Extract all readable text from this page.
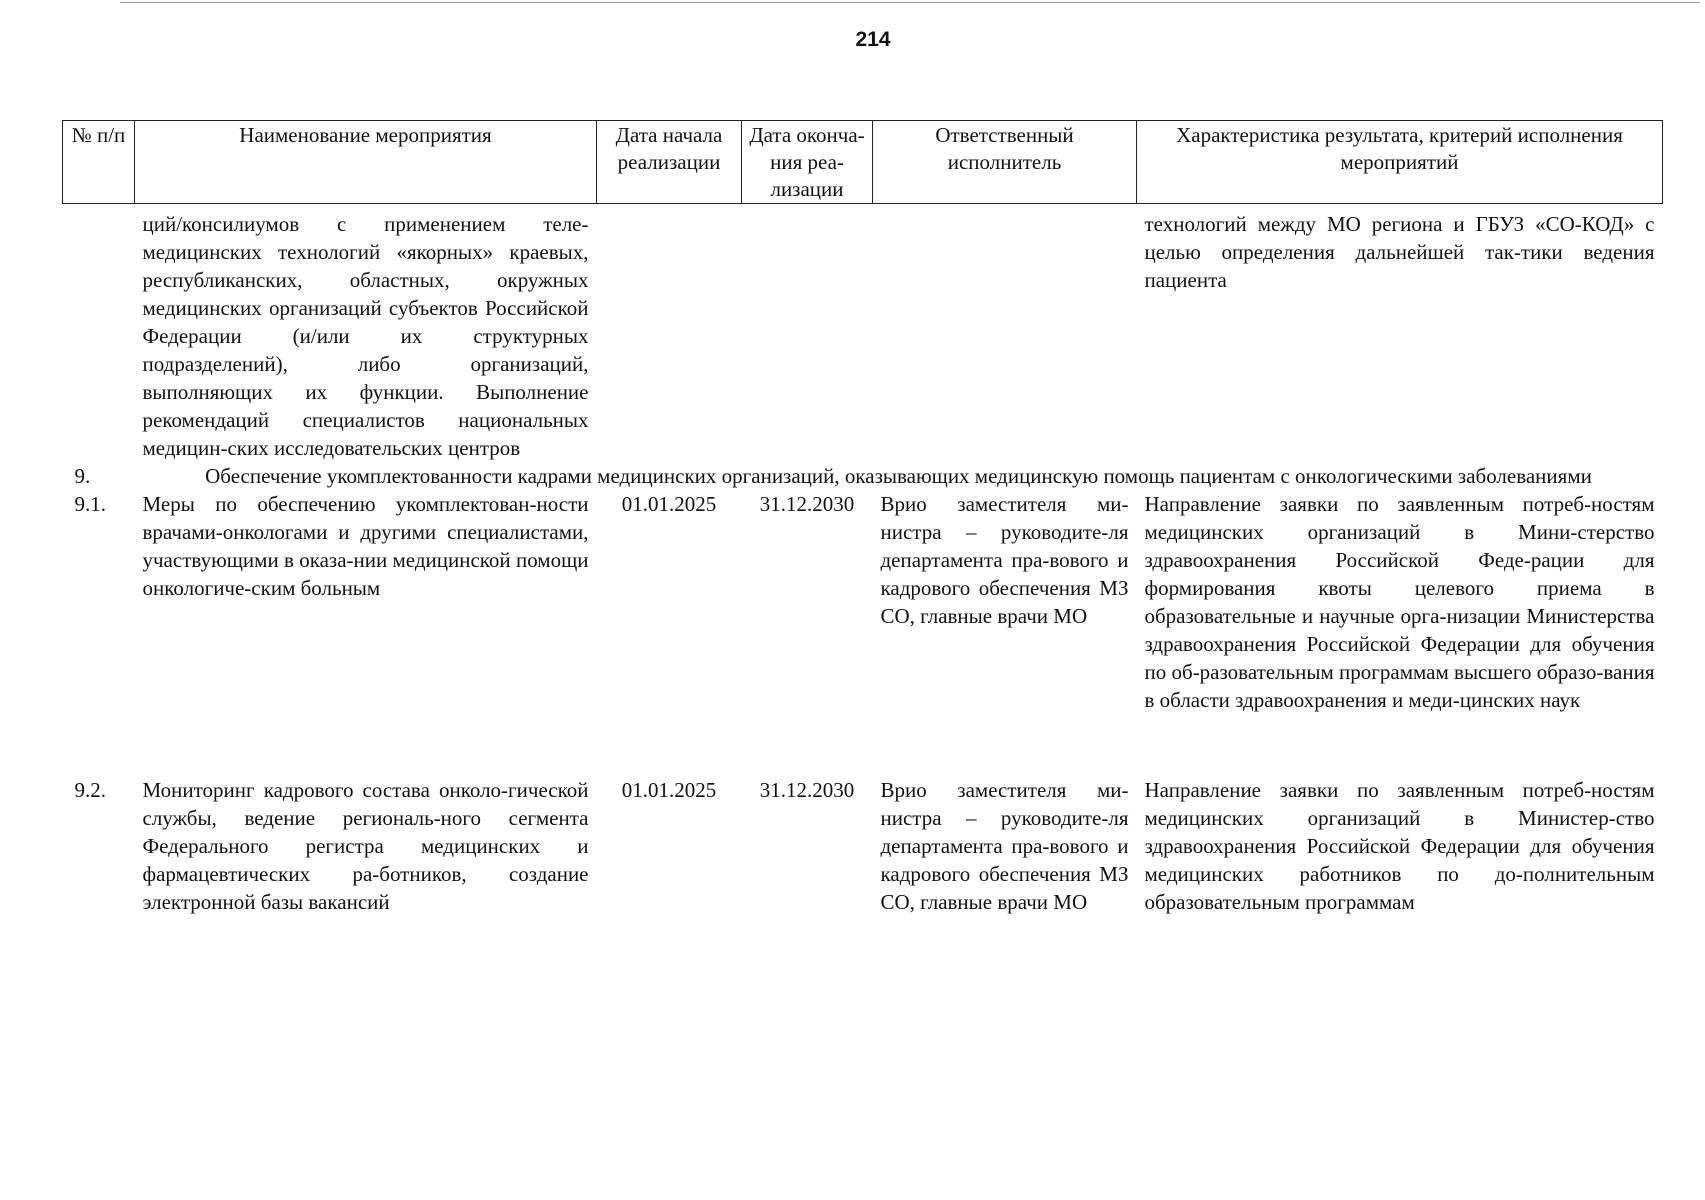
214
№ п/п	Наименование мероприятия	Дата начала реализации	Дата оконча-ния реа-лизации	Ответственный исполнитель	Характеристика результата, критерий исполнения мероприятий
	ций/консилиумов с применением теле-медицинских технологий «якорных» краевых, республиканских, областных, окружных медицинских организаций субъектов Российской Федерации (и/или их структурных подразделений), либо организаций, выполняющих их функции. Выполнение рекомендаций специалистов национальных медицин-ских исследовательских центров				технологий между МО региона и ГБУЗ «СО-КОД» с целью определения дальнейшей так-тики ведения пациента
9.	Обеспечение укомплектованности кадрами медицинских организаций, оказывающих медицинскую помощь пациентам с онкологическими заболеваниями				
9.1.	Меры по обеспечению укомплектован-ности врачами-онкологами и другими специалистами, участвующими в оказа-нии медицинской помощи онкологиче-ским больным	01.01.2025	31.12.2030	Врио заместителя ми-нистра – руководите-ля департамента пра-вового и кадрового обеспечения МЗ СО, главные врачи МО	Направление заявки по заявленным потреб-ностям медицинских организаций в Мини-стерство здравоохранения Российской Феде-рации для формирования квоты целевого приема в образовательные и научные орга-низации Министерства здравоохранения Российской Федерации для обучения по об-разовательным программам высшего образо-вания в области здравоохранения и меди-цинских наук
9.2.	Мониторинг кадрового состава онколо-гической службы, ведение региональ-ного сегмента Федерального регистра медицинских и фармацевтических ра-ботников, создание электронной базы вакансий	01.01.2025	31.12.2030	Врио заместителя ми-нистра – руководите-ля департамента пра-вового и кадрового обеспечения МЗ СО, главные врачи МО	Направление заявки по заявленным потреб-ностям медицинских организаций в Министер-ство здравоохранения Российской Федерации для обучения медицинских работников по до-полнительным образовательным программам
